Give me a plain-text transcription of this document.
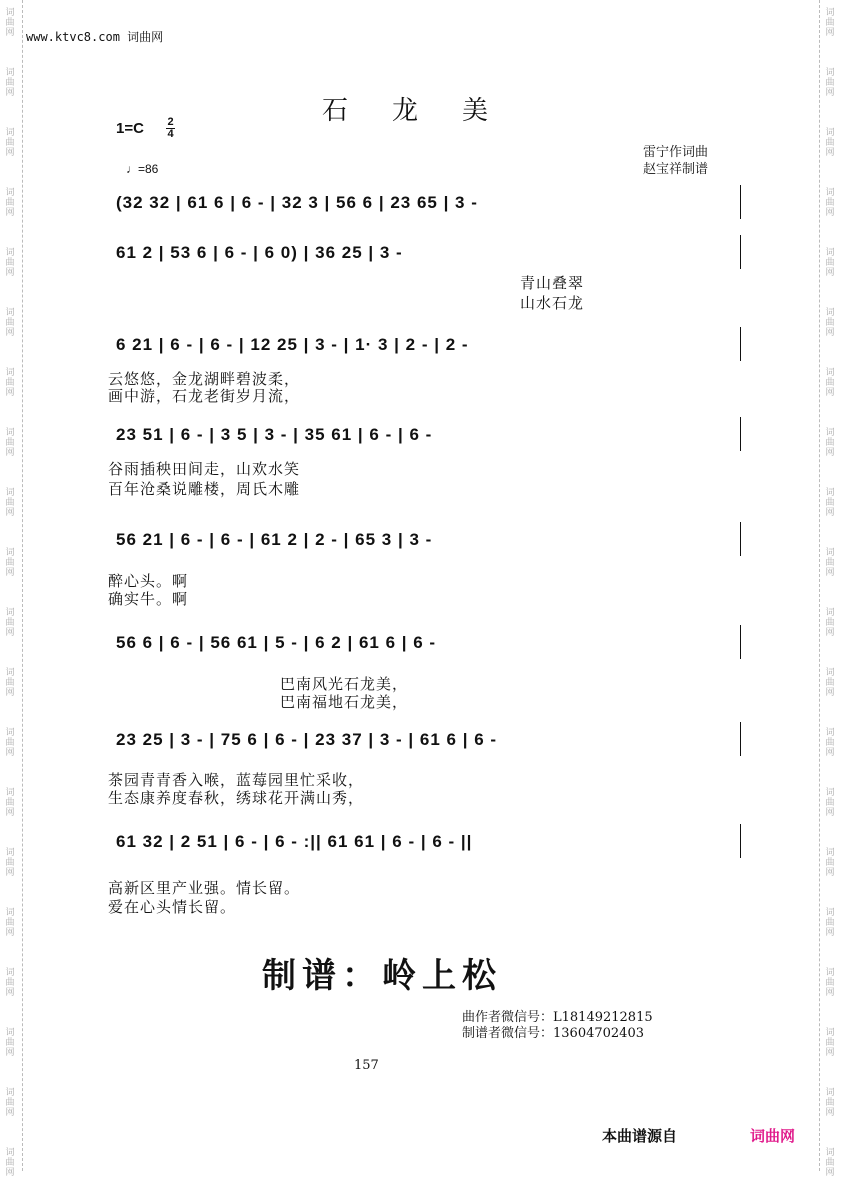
词
曲
网
词
曲
网
词
曲
网
词
曲
网
词
曲
网
词
曲
网
词
曲
网
词
曲
网
词
曲
网
词
曲
网
词
曲
网
词
曲
网
词
曲
网
词
曲
网
词
曲
网
词
曲
网
词
曲
网
词
曲
网
词
曲
网
词
曲
网
词
曲
网
词
曲
网
词
曲
网
词
曲
网
词
曲
网
词
曲
网
词
曲
网
词
曲
网
词
曲
网
词
曲
网
词
曲
网
词
曲
网
词
曲
网
词
曲
网
词
曲
网
词
曲
网
词
曲
网
词
曲
网
词
曲
网
词
曲
网
www.ktvc8.com 词曲网
石龙美
1=C 2
4
♩=86
雷宁作词曲
赵宝祥制谱
(32 32 | 61 6 | 6 - | 32 3 | 56 6 | 23 65 | 3 -
61 2 | 53 6 | 6 - | 6 0) | 36 25 | 3 -
青山叠翠
山水石龙
6 21 | 6 - | 6 - | 12 25 | 3 - | 1· 3 | 2 - | 2 -
云悠悠，金龙湖畔碧波柔，
画中游，石龙老街岁月流，
23 51 | 6 - | 3 5 | 3 - | 35 61 | 6 - | 6 -
谷雨插秧田间走，山欢水笑
百年沧桑说雕楼，周氏木雕
56 21 | 6 - | 6 - | 61 2 | 2 - | 65 3 | 3 -
醉心头。啊
确实牛。啊
56 6 | 6 - | 56 61 | 5 - | 6 2 | 61 6 | 6 -
巴南风光石龙美，
巴南福地石龙美，
23 25 | 3 - | 75 6 | 6 - | 23 37 | 3 - | 61 6 | 6 -
茶园青青香入喉，蓝莓园里忙采收，
生态康养度春秋，绣球花开满山秀，
61 32 | 2 51 | 6 - | 6 - :|| 61 61 | 6 - | 6 - ||
高新区里产业强。情长留。
爱在心头情长留。
制谱：岭上松
曲作者微信号：L18149212815
制谱者微信号：13604702403
157
本曲谱源自	词曲网
